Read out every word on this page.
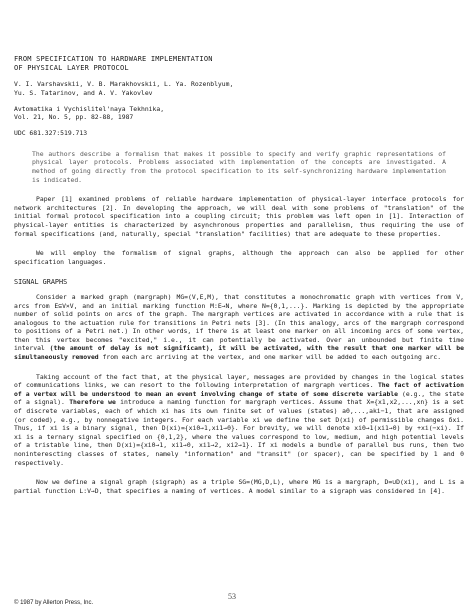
FROM SPECIFICATION TO HARDWARE IMPLEMENTATION
OF PHYSICAL LAYER PROTOCOL
V. I. Varshavskii, V. B. Marakhovskii, L. Ya. Rozenblyum,
Yu. S. Tatarinov, and A. V. Yakovlev
Avtomatika i Vychislitel'naya Tekhnika,
Vol. 21, No. 5, pp. 82-88, 1987
UDC 681.327:519.713
The authors describe a formalism that makes it possible to specify and verify graphic representations of physical layer protocols. Problems associated with implementation of the concepts are investigated. A method of going directly from the protocol specification to its self-synchronizing hardware implementation is indicated.

Paper [1] examined problems of reliable hardware implementation of physical-layer interface protocols for network architectures [2]. In developing the approach, we will deal with some problems of "translation" of the initial formal protocol specification into a coupling circuit; this problem was left open in [1]. Interaction of physical-layer entities is characterized by asynchronous properties and parallelism, thus requiring the use of formal specifications (and, naturally, special "translation" facilities) that are adequate to these properties.

We will employ the formalism of signal graphs, although the approach can also be applied for other specification languages.

SIGNAL GRAPHS

Consider a marked graph (margraph) MG=(V,E,M), that constitutes a monochromatic graph with vertices from V, arcs from E⊆V×V, and an initial marking function M:E→N, where N={0,1,...}. Marking is depicted by the appropriate number of solid points on arcs of the graph. The margraph vertices are activated in accordance with a rule that is analogous to the actuation rule for transitions in Petri nets [3]. (In this analogy, arcs of the margraph correspond to positions of a Petri net.) In other words, if there is at least one marker on all incoming arcs of some vertex, then this vertex becomes "excited," i.e., it can potentially be activated. Over an unbounded but finite time interval (the amount of delay is not significant), it will be activated, with the result that one marker will be simultaneously removed from each arc arriving at the vertex, and one marker will be added to each outgoing arc.

Taking account of the fact that, at the physical layer, messages are provided by changes in the logical states of communications links, we can resort to the following interpretation of margraph vertices. The fact of activation of a vertex will be understood to mean an event involving change of state of some discrete variable (e.g., the state of a signal). Therefore we introduce a naming function for margraph vertices. Assume that X={x1,x2,...,xn} is a set of discrete variables, each of which xi has its own finite set of values (states) a0,...,aki−1, that are assigned (or coded), e.g., by nonnegative integers. For each variable xi we define the set D(xi) of permissible changes δxi. Thus, if xi is a binary signal, then D(xi)={xi0→1,xi1→0}. For brevity, we will denote xi0→1(xi1→0) by +xi(−xi). If xi is a ternary signal specified on {0,1,2}, where the values correspond to low, medium, and high potential levels of a tristable line, then D(xi)={xi0→1, xi1→0, xi1→2, xi2→1}. If xi models a bundle of parallel bus runs, then two noninterescting classes of states, namely "information" and "transit" (or spacer), can be specified by 1 and 0 respectively.

Now we define a signal graph (sigraph) as a triple SG=(MG,D,L), where MG is a margraph, D=∪D(xi), and L is a partial function L:V→D, that specifies a naming of vertices. A model similar to a sigraph was considered in [4].

53
© 1987 by Allerton Press, Inc.
